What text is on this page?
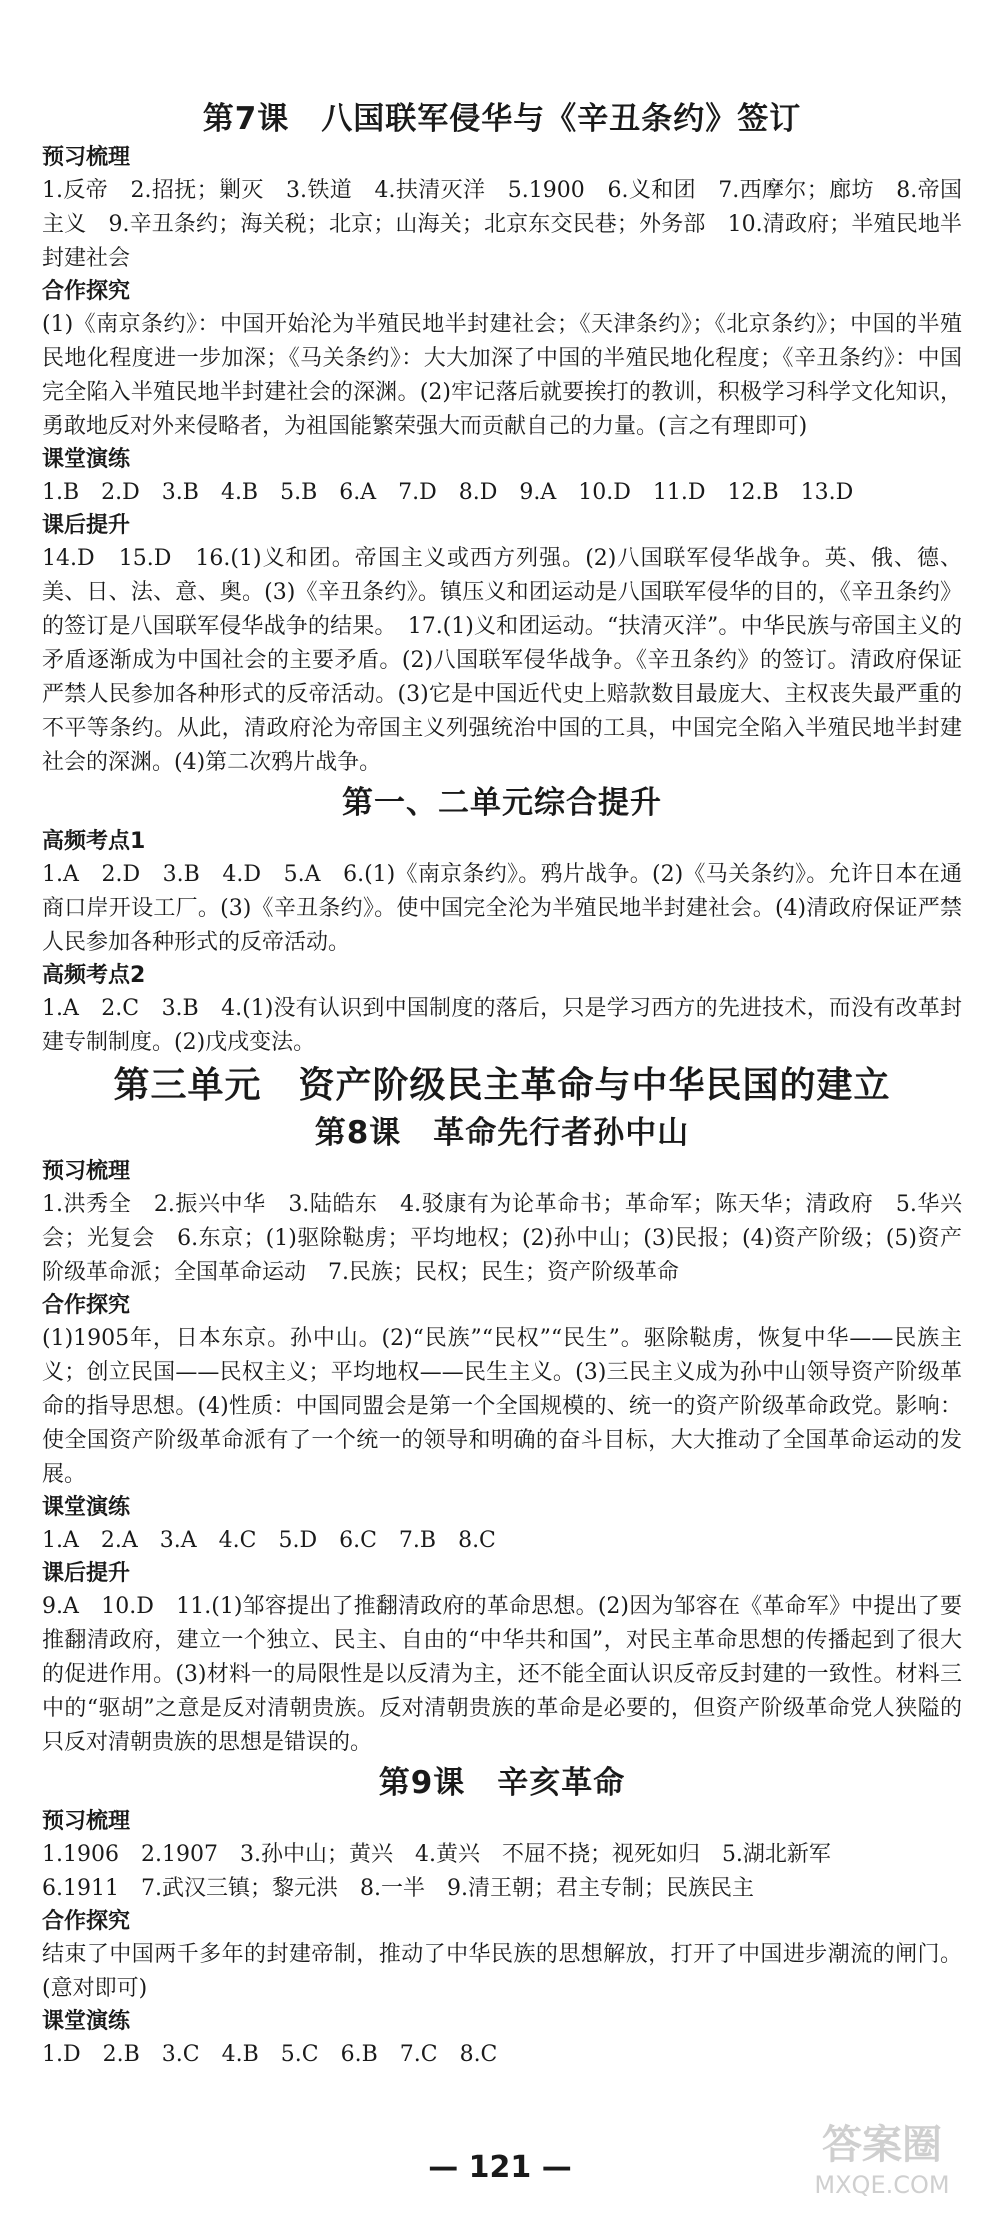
第7课　八国联军侵华与《辛丑条约》签订

预习梳理

1.反帝　2.招抚；剿灭　3.铁道　4.扶清灭洋　5.1900　6.义和团　7.西摩尔；廊坊　8.帝国主义　9.辛丑条约；海关税；北京；山海关；北京东交民巷；外务部　10.清政府；半殖民地半封建社会

合作探究

(1)《南京条约》：中国开始沦为半殖民地半封建社会；《天津条约》；《北京条约》；中国的半殖民地化程度进一步加深；《马关条约》：大大加深了中国的半殖民地化程度；《辛丑条约》：中国完全陷入半殖民地半封建社会的深渊。(2)牢记落后就要挨打的教训，积极学习科学文化知识，勇敢地反对外来侵略者，为祖国能繁荣强大而贡献自己的力量。(言之有理即可)

课堂演练

1.B　2.D　3.B　4.B　5.B　6.A　7.D　8.D　9.A　10.D　11.D　12.B　13.D

课后提升

14.D　15.D　16.(1)义和团。帝国主义或西方列强。(2)八国联军侵华战争。英、俄、德、美、日、法、意、奥。(3)《辛丑条约》。镇压义和团运动是八国联军侵华的目的，《辛丑条约》的签订是八国联军侵华战争的结果。　17.(1)义和团运动。“扶清灭洋”。中华民族与帝国主义的矛盾逐渐成为中国社会的主要矛盾。(2)八国联军侵华战争。《辛丑条约》的签订。清政府保证严禁人民参加各种形式的反帝活动。(3)它是中国近代史上赔款数目最庞大、主权丧失最严重的不平等条约。从此，清政府沦为帝国主义列强统治中国的工具，中国完全陷入半殖民地半封建社会的深渊。(4)第二次鸦片战争。

第一、二单元综合提升

高频考点1

1.A　2.D　3.B　4.D　5.A　6.(1)《南京条约》。鸦片战争。(2)《马关条约》。允许日本在通商口岸开设工厂。(3)《辛丑条约》。使中国完全沦为半殖民地半封建社会。(4)清政府保证严禁人民参加各种形式的反帝活动。

高频考点2

1.A　2.C　3.B　4.(1)没有认识到中国制度的落后，只是学习西方的先进技术，而没有改革封建专制制度。(2)戊戌变法。

第三单元　资产阶级民主革命与中华民国的建立
第8课　革命先行者孙中山

预习梳理

1.洪秀全　2.振兴中华　3.陆皓东　4.驳康有为论革命书；革命军；陈天华；清政府　5.华兴会；光复会　6.东京；(1)驱除鞑虏；平均地权；(2)孙中山；(3)民报；(4)资产阶级；(5)资产阶级革命派；全国革命运动　7.民族；民权；民生；资产阶级革命

合作探究

(1)1905年，日本东京。孙中山。(2)“民族”“民权”“民生”。驱除鞑虏，恢复中华——民族主义；创立民国——民权主义；平均地权——民生主义。(3)三民主义成为孙中山领导资产阶级革命的指导思想。(4)性质：中国同盟会是第一个全国规模的、统一的资产阶级革命政党。影响：使全国资产阶级革命派有了一个统一的领导和明确的奋斗目标，大大推动了全国革命运动的发展。

课堂演练

1.A　2.A　3.A　4.C　5.D　6.C　7.B　8.C

课后提升

9.A　10.D　11.(1)邹容提出了推翻清政府的革命思想。(2)因为邹容在《革命军》中提出了要推翻清政府，建立一个独立、民主、自由的“中华共和国”，对民主革命思想的传播起到了很大的促进作用。(3)材料一的局限性是以反清为主，还不能全面认识反帝反封建的一致性。材料三中的“驱胡”之意是反对清朝贵族。反对清朝贵族的革命是必要的，但资产阶级革命党人狭隘的只反对清朝贵族的思想是错误的。

第9课　辛亥革命

预习梳理

1.1906　2.1907　3.孙中山；黄兴　4.黄兴　不屈不挠；视死如归　5.湖北新军

6.1911　7.武汉三镇；黎元洪　8.一半　9.清王朝；君主专制；民族民主

合作探究

结束了中国两千多年的封建帝制，推动了中华民族的思想解放，打开了中国进步潮流的闸门。(意对即可)

课堂演练

1.D　2.B　3.C　4.B　5.C　6.B　7.C　8.C

— 121 —	答案圈
MXQE.COM
